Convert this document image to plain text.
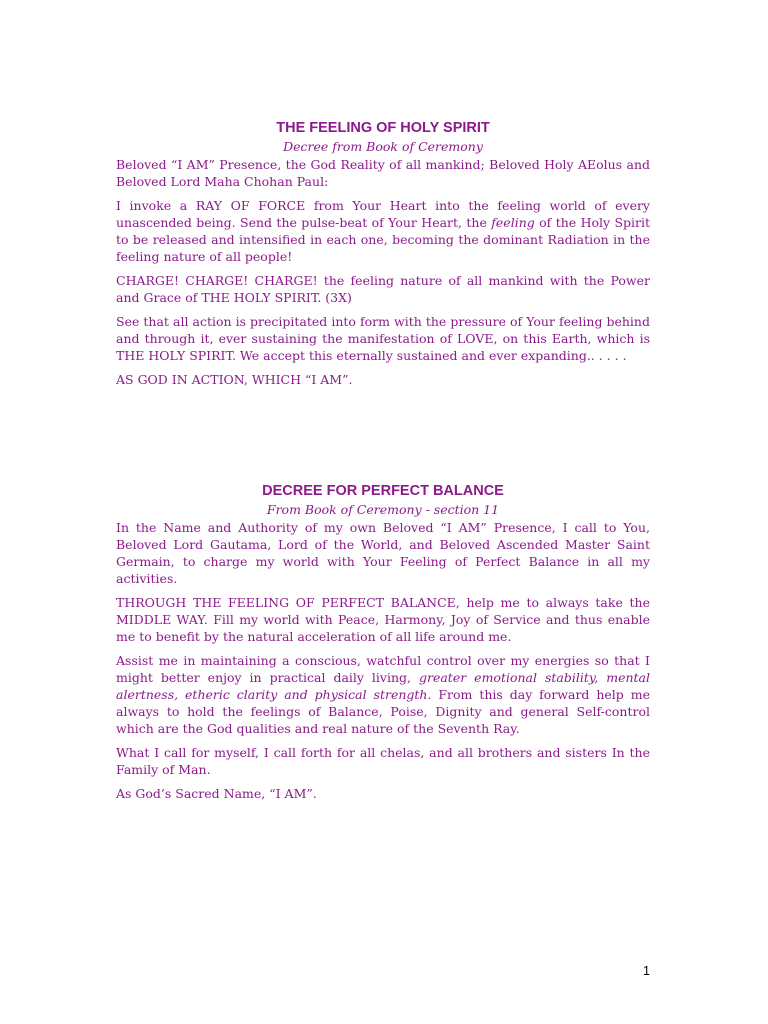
THE FEELING OF HOLY SPIRIT
Decree from Book of Ceremony

Beloved “I AM” Presence, the God Reality of all mankind; Beloved Holy AEolus and Beloved Lord Maha Chohan Paul:

I invoke a RAY OF FORCE from Your Heart into the feeling world of every unascended being. Send the pulse-beat of Your Heart, the feeling of the Holy Spirit to be released and intensified in each one, becoming the dominant Radiation in the feeling nature of all people!

CHARGE! CHARGE! CHARGE! the feeling nature of all mankind with the Power and Grace of THE HOLY SPIRIT. (3X)

See that all action is precipitated into form with the pressure of Your feeling behind and through it, ever sustaining the manifestation of LOVE, on this Earth, which is THE HOLY SPIRIT. We accept this eternally sustained and ever expanding.. . . . .

AS GOD IN ACTION, WHICH “I AM”.

DECREE FOR PERFECT BALANCE
From Book of Ceremony - section 11

In the Name and Authority of my own Beloved “I AM” Presence, I call to You, Beloved Lord Gautama, Lord of the World, and Beloved Ascended Master Saint Germain, to charge my world with Your Feeling of Perfect Balance in all my activities.

THROUGH THE FEELING OF PERFECT BALANCE, help me to always take the MIDDLE WAY. Fill my world with Peace, Harmony, Joy of Service and thus enable me to benefit by the natural acceleration of all life around me.

Assist me in maintaining a conscious, watchful control over my energies so that I might better enjoy in practical daily living, greater emotional stability, mental alertness, etheric clarity and physical strength. From this day forward help me always to hold the feelings of Balance, Poise, Dignity and general Self-control which are the God qualities and real nature of the Seventh Ray.

What I call for myself, I call forth for all chelas, and all brothers and sisters In the Family of Man.

As God’s Sacred Name, “I AM”.

1
